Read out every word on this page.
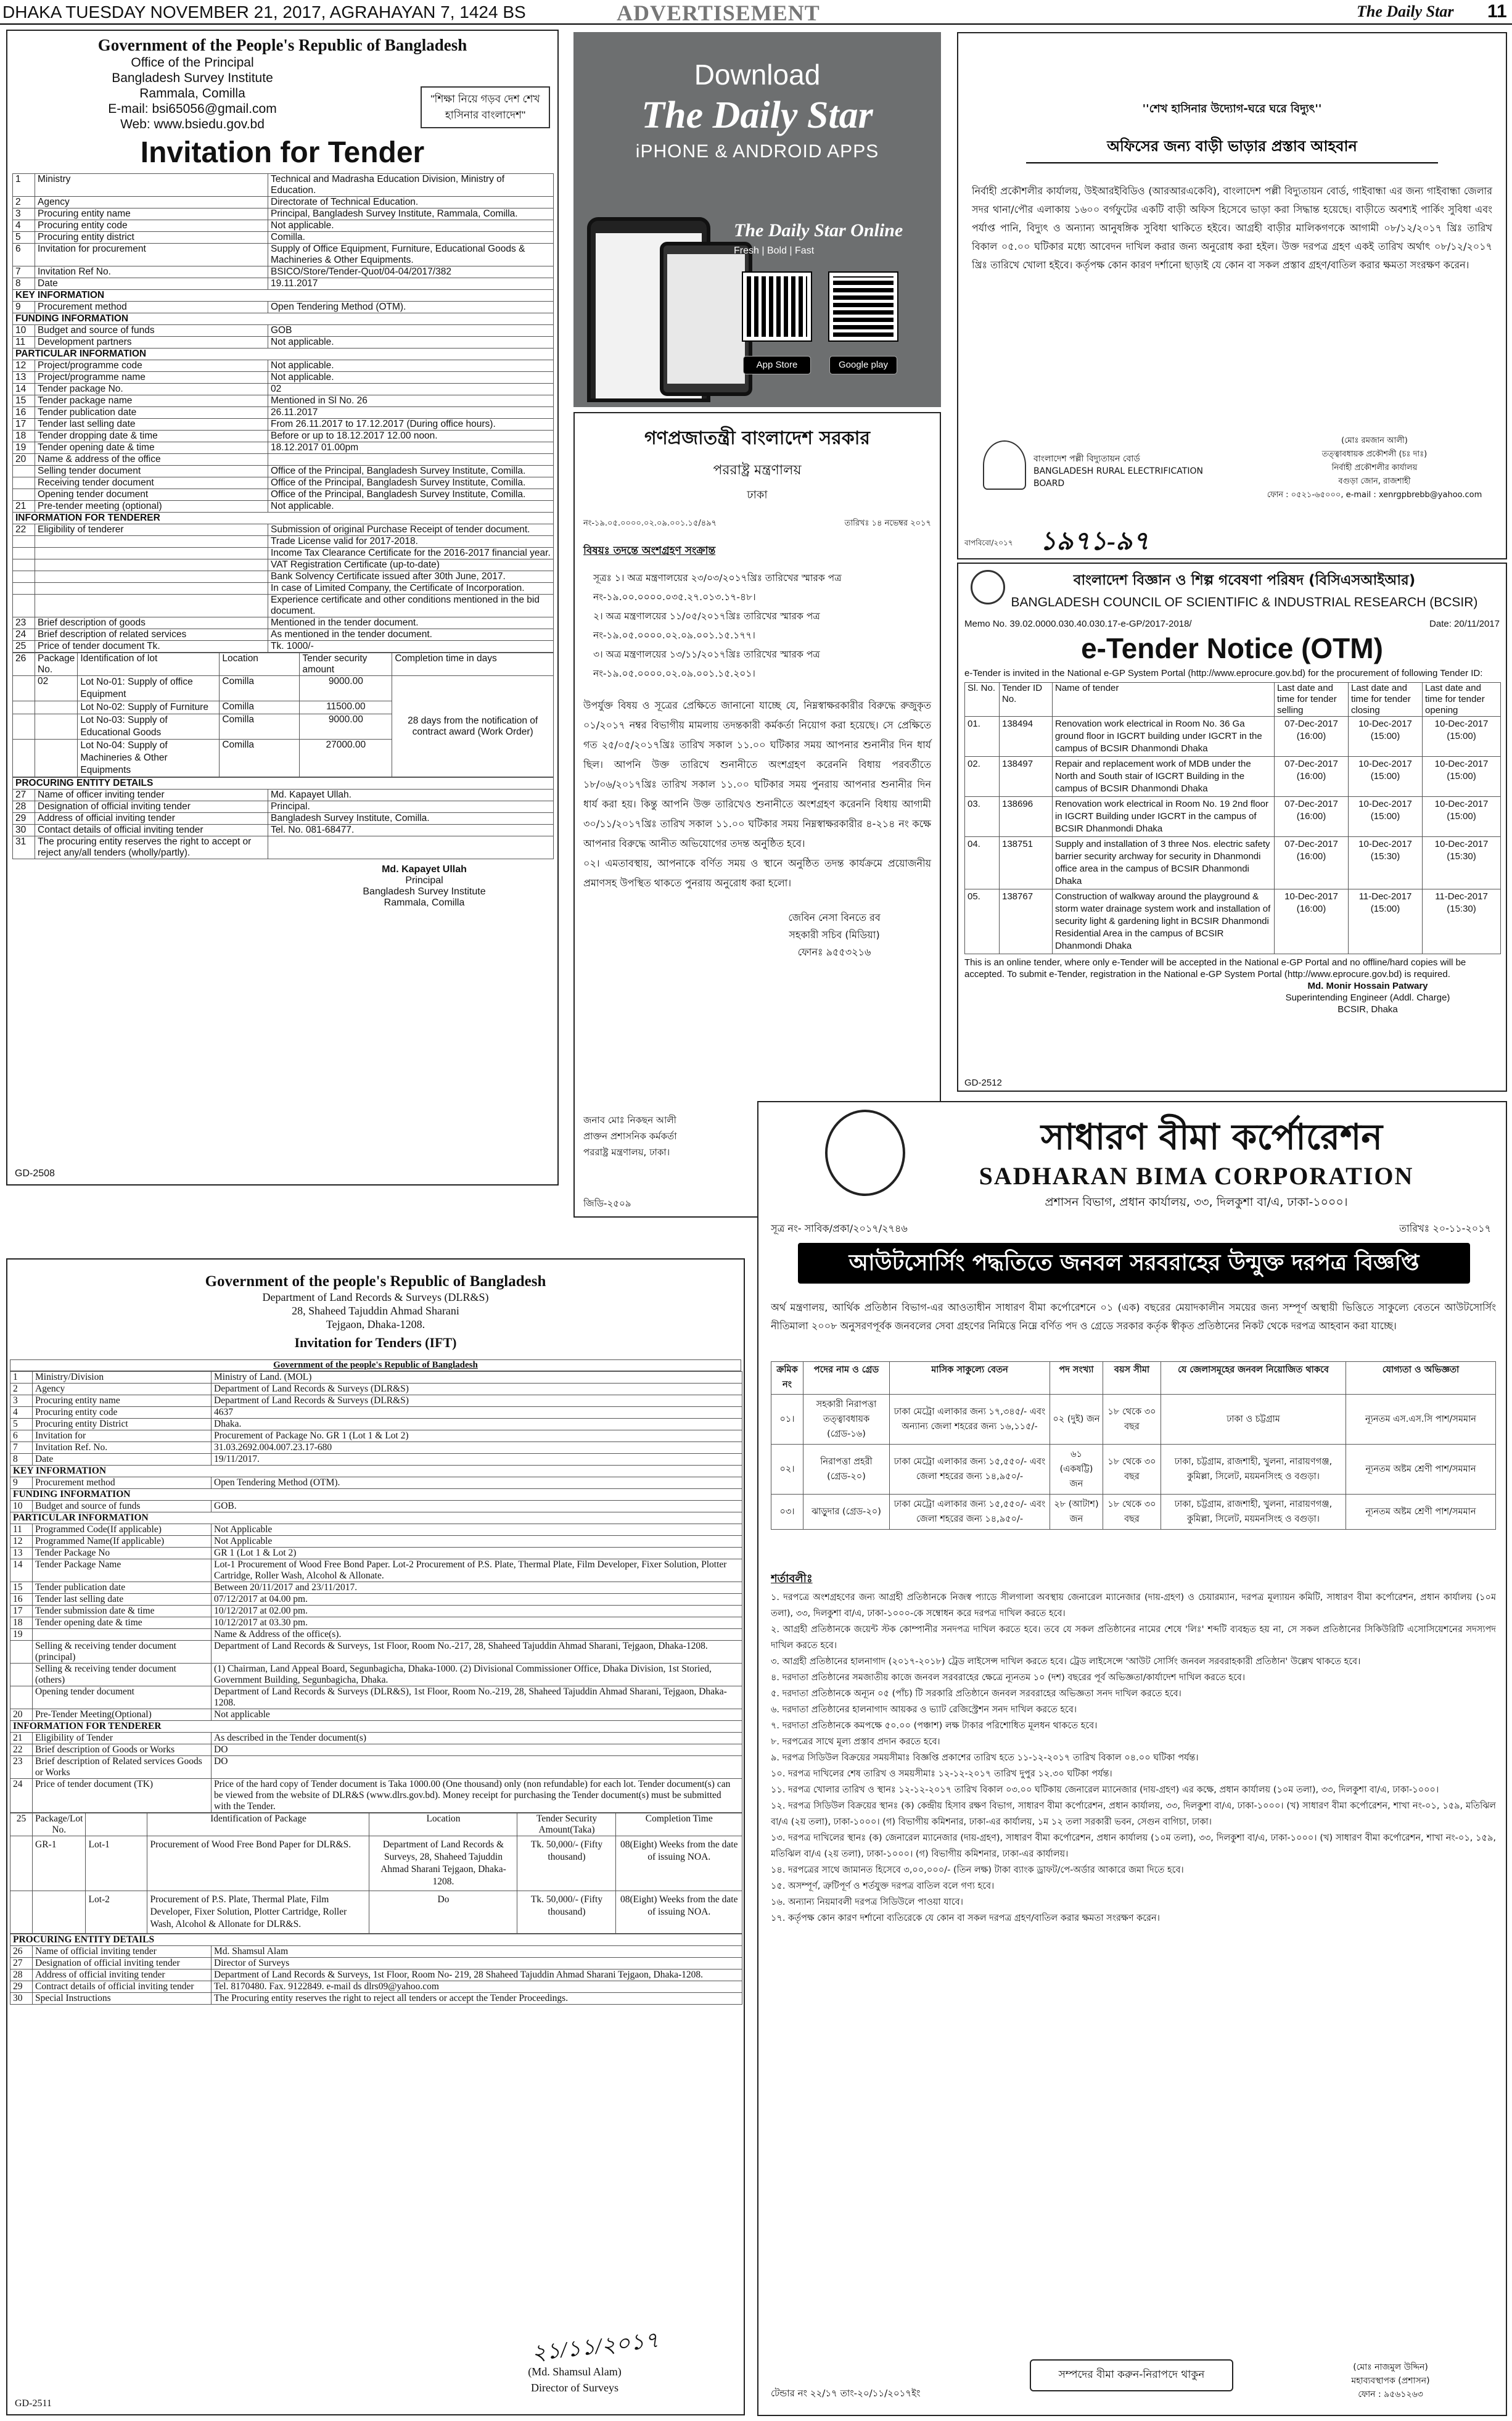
DHAKA TUESDAY NOVEMBER 21, 2017, AGRAHAYAN 7, 1424 BS	ADVERTISEMENT	The Daily Star	11
Government of the People's Republic of Bangladesh
Office of the Principal
Bangladesh Survey Institute
Rammala, Comilla
E-mail: bsi65056@gmail.com
Web: www.bsiedu.gov.bd
"শিক্ষা নিয়ে গড়ব দেশ শেখ হাসিনার বাংলাদেশ"
Invitation for Tender
1	Ministry	Technical and Madrasha Education Division, Ministry of Education.
2	Agency	Directorate of Technical Education.
3	Procuring entity name	Principal, Bangladesh Survey Institute, Rammala, Comilla.
4	Procuring entity code	Not applicable.
5	Procuring entity district	Comilla.
6	Invitation for procurement	Supply of Office Equipment, Furniture, Educational Goods & Machineries & Other Equipments.
7	Invitation Ref No.	BSICO/Store/Tender-Quot/04-04/2017/382
8	Date	19.11.2017
KEY INFORMATION		
9	Procurement method	Open Tendering Method (OTM).
FUNDING INFORMATION		
10	Budget and source of funds	GOB
11	Development partners	Not applicable.
PARTICULAR INFORMATION		
12	Project/programme code	Not applicable.
13	Project/programme name	Not applicable.
14	Tender package No.	02
15	Tender package name	Mentioned in Sl No. 26
16	Tender publication date	26.11.2017
17	Tender last selling date	From 26.11.2017 to 17.12.2017 (During office hours).
18	Tender dropping date & time	Before or up to 18.12.2017 12.00 noon.
19	Tender opening date & time	18.12.2017 01.00pm
20	Name & address of the office	
	Selling tender document	Office of the Principal, Bangladesh Survey Institute, Comilla.
	Receiving tender document	Office of the Principal, Bangladesh Survey Institute, Comilla.
	Opening tender document	Office of the Principal, Bangladesh Survey Institute, Comilla.
21	Pre-tender meeting (optional)	Not applicable.
INFORMATION FOR TENDERER		
22	Eligibility of tenderer	Submission of original Purchase Receipt of tender document.
		Trade License valid for 2017-2018.
		Income Tax Clearance Certificate for the 2016-2017 financial year.
		VAT Registration Certificate (up-to-date)
		Bank Solvency Certificate issued after 30th June, 2017.
		In case of Limited Company, the Certificate of Incorporation.
		Experience certificate and other conditions mentioned in the bid document.
23	Brief description of goods	Mentioned in the tender document.
24	Brief description of related services	As mentioned in the tender document.
25	Price of tender document Tk.	Tk. 1000/-
26	Package No.	Identification of lot	Location	Tender security amount	Completion time in days
	02	Lot No-01: Supply of office Equipment	Comilla	9000.00	28 days from the notification of contract award (Work Order)
		Lot No-02: Supply of Furniture	Comilla	11500.00	
		Lot No-03: Supply of Educational Goods	Comilla	9000.00	
		Lot No-04: Supply of Machineries & Other Equipments	Comilla	27000.00	
PROCURING ENTITY DETAILS		
27	Name of officer inviting tender	Md. Kapayet Ullah.
28	Designation of official inviting tender	Principal.
29	Address of official inviting tender	Bangladesh Survey Institute, Comilla.
30	Contact details of official inviting tender	Tel. No. 081-68477.
31	The procuring entity reserves the right to accept or reject any/all tenders (wholly/partly).	
Md. Kapayet Ullah
Principal
Bangladesh Survey Institute
Rammala, Comilla
GD-2508
Download
The Daily Star
iPHONE & ANDROID APPS
The Daily Star Online
Fresh | Bold | Fast
App Store	Google play
''শেখ হাসিনার উদ্যোগ-ঘরে ঘরে বিদ্যুৎ''
অফিসের জন্য বাড়ী ভাড়ার প্রস্তাব আহবান
নির্বাহী প্রকৌশলীর কার্যালয়, উইআরইবিডিও (আরআরএকেবি), বাংলাদেশ পল্লী বিদ্যুতায়ন বোর্ড, গাইবান্ধা এর জন্য গাইবান্ধা জেলার সদর থানা/পৌর এলাকায় ১৬০০ বর্গফুটের একটি বাড়ী অফিস হিসেবে ভাড়া করা সিদ্ধান্ত হয়েছে। বাড়ীতে অবশ্যই পার্কিং সুবিধা এবং পর্যাপ্ত পানি, বিদ্যুৎ ও অন্যান্য আনুষঙ্গিক সুবিধা থাকিতে হইবে। আগ্রহী বাড়ীর মালিকগণকে আগামী ০৮/১২/২০১৭ খ্রিঃ তারিখ বিকাল ০৫.০০ ঘটিকার মধ্যে আবেদন দাখিল করার জন্য অনুরোধ করা হইল। উক্ত দরপত্র গ্রহণ একই তারিখ অর্থাৎ ০৮/১২/২০১৭ খ্রিঃ তারিখে খোলা হইবে। কর্তৃপক্ষ কোন কারণ দর্শানো ছাড়াই যে কোন বা সকল প্রস্তাব গ্রহণ/বাতিল করার ক্ষমতা সংরক্ষণ করেন।
বাংলাদেশ পল্লী বিদ্যুতায়ন বোর্ড
BANGLADESH RURAL ELECTRIFICATION BOARD
(মোঃ রমজান আলী)
তত্ত্বাবধায়ক প্রকৌশলী (চঃ দাঃ)
নির্বাহী প্রকৌশলীর কার্যালয়
বগুড়া জোন, রাজশাহী
ফোন : ০৫২১-৬৫০০০, e-mail : xenrgpbrebb@yahoo.com
বাপবিবো/২০১৭ ১৯৭১-৯৭
গণপ্রজাতন্ত্রী বাংলাদেশ সরকার
পররাষ্ট্র মন্ত্রণালয়
ঢাকা
নং-১৯.০৫.০০০০.০২.০৯.০০১.১৫/৪৯৭	তারিখঃ ১৪ নভেম্বর ২০১৭
বিষয়ঃ তদন্তে অংশগ্রহণ সংক্রান্ত
সূত্রঃ ১। অত্র মন্ত্রণালয়ের ২৩/০৩/২০১৭খ্রিঃ তারিখের স্মারক পত্র নং-১৯.০০.০০০০.০৩৫.২৭.০১৩.১৭-৪৮।
২। অত্র মন্ত্রণালয়ের ১১/০৫/২০১৭খ্রিঃ তারিখের স্মারক পত্র নং-১৯.০৫.০০০০.০২.০৯.০০১.১৫.১৭৭।
৩। অত্র মন্ত্রণালয়ের ১৩/১১/২০১৭খ্রিঃ তারিখের স্মারক পত্র নং-১৯.০৫.০০০০.০২.০৯.০০১.১৫.২০১।
উপর্যুক্ত বিষয় ও সূত্রের প্রেক্ষিতে জানানো যাচ্ছে যে, নিম্নস্বাক্ষরকারীর বিরুদ্ধে রুজুকৃত ০১/২০১৭ নম্বর বিভাগীয় মামলায় তদন্তকারী কর্মকর্তা নিয়োগ করা হয়েছে। সে প্রেক্ষিতে গত ২৫/০৫/২০১৭খ্রিঃ তারিখ সকাল ১১.০০ ঘটিকার সময় আপনার শুনানীর দিন ধার্য ছিল। আপনি উক্ত তারিখে শুনানীতে অংশগ্রহণ করেননি বিধায় পরবর্তীতে ১৮/০৬/২০১৭খ্রিঃ তারিখ সকাল ১১.০০ ঘটিকার সময় পুনরায় আপনার শুনানীর দিন ধার্য করা হয়। কিন্তু আপনি উক্ত তারিখেও শুনানীতে অংশগ্রহণ করেননি বিধায় আগামী ৩০/১১/২০১৭খ্রিঃ তারিখ সকাল ১১.০০ ঘটিকার সময় নিম্নস্বাক্ষরকারীর ৪-২১৪ নং কক্ষে আপনার বিরুদ্ধে আনীত অভিযোগের তদন্ত অনুষ্ঠিত হবে।
০২। এমতাবস্থায়, আপনাকে বর্ণিত সময় ও স্থানে অনুষ্ঠিত তদন্ত কার্যক্রমে প্রয়োজনীয় প্রমাণসহ উপস্থিত থাকতে পুনরায় অনুরোধ করা হলো।
জেবিন নেসা বিনতে রব
সহকারী সচিব (মিডিয়া)
ফোনঃ ৯৫৫৩২১৬
জনাব মোঃ নিকছন আলী
প্রাক্তন প্রশাসনিক কর্মকর্তা
পররাষ্ট্র মন্ত্রণালয়, ঢাকা।
জিডি-২৫০৯
বাংলাদেশ বিজ্ঞান ও শিল্প গবেষণা পরিষদ (বিসিএসআইআর)
BANGLADESH COUNCIL OF SCIENTIFIC & INDUSTRIAL RESEARCH (BCSIR)
Memo No. 39.02.0000.030.40.030.17-e-GP/2017-2018/	Date: 20/11/2017
e-Tender Notice (OTM)
e-Tender is invited in the National e-GP System Portal (http://www.eprocure.gov.bd) for the procurement of following Tender ID:
Sl. No.	Tender ID No.	Name of tender	Last date and time for tender selling	Last date and time for tender closing	Last date and time for tender opening
01.	138494	Renovation work electrical in Room No. 36 Ga ground floor in IGCRT building under IGCRT in the campus of BCSIR Dhanmondi Dhaka	07-Dec-2017 (16:00)	10-Dec-2017 (15:00)	10-Dec-2017 (15:00)
02.	138497	Repair and replacement work of MDB under the North and South stair of IGCRT Building in the campus of BCSIR Dhanmondi Dhaka	07-Dec-2017 (16:00)	10-Dec-2017 (15:00)	10-Dec-2017 (15:00)
03.	138696	Renovation work electrical in Room No. 19 2nd floor in IGCRT Building under IGCRT in the campus of BCSIR Dhanmondi Dhaka	07-Dec-2017 (16:00)	10-Dec-2017 (15:00)	10-Dec-2017 (15:00)
04.	138751	Supply and installation of 3 three Nos. electric safety barrier security archway for security in Dhanmondi office area in the campus of BCSIR Dhanmondi Dhaka	07-Dec-2017 (16:00)	10-Dec-2017 (15:30)	10-Dec-2017 (15:30)
05.	138767	Construction of walkway around the playground & storm water drainage system work and installation of security light & gardening light in BCSIR Dhanmondi Residential Area in the campus of BCSIR Dhanmondi Dhaka	10-Dec-2017 (16:00)	11-Dec-2017 (15:00)	11-Dec-2017 (15:30)
This is an online tender, where only e-Tender will be accepted in the National e-GP Portal and no offline/hard copies will be accepted. To submit e-Tender, registration in the National e-GP System Portal (http://www.eprocure.gov.bd) is required.
Md. Monir Hossain Patwary
Superintending Engineer (Addl. Charge)
BCSIR, Dhaka
GD-2512
Government of the people's Republic of Bangladesh
Department of Land Records & Surveys (DLR&S)
28, Shaheed Tajuddin Ahmad Sharani
Tejgaon, Dhaka-1208.
Invitation for Tenders (IFT)
Government of the people's Republic of Bangladesh
1	Ministry/Division	Ministry of Land. (MOL)
2	Agency	Department of Land Records & Surveys (DLR&S)
3	Procuring entity name	Department of Land Records & Surveys (DLR&S)
4	Procuring entity code	4637
5	Procuring entity District	Dhaka.
6	Invitation for	Procurement of Package No. GR 1 (Lot 1 & Lot 2)
7	Invitation Ref. No.	31.03.2692.004.007.23.17-680
8	Date	19/11/2017.
KEY INFORMATION		
9	Procurement method	Open Tendering Method (OTM).
FUNDING INFORMATION		
10	Budget and source of funds	GOB.
PARTICULAR INFORMATION		
11	Programmed Code(If applicable)	Not Applicable
12	Programmed Name(If applicable)	Not Applicable
13	Tender Package No	GR 1 (Lot 1 & Lot 2)
14	Tender Package Name	Lot-1 Procurement of Wood Free Bond Paper. Lot-2 Procurement of P.S. Plate, Thermal Plate, Film Developer, Fixer Solution, Plotter Cartridge, Roller Wash, Alcohol & Allonate.
15	Tender publication date	Between 20/11/2017 and 23/11/2017.
16	Tender last selling date	07/12/2017 at 04.00 pm.
17	Tender submission date & time	10/12/2017 at 02.00 pm.
18	Tender opening date & time	10/12/2017 at 03.30 pm.
19		Name & Address of the office(s).
	Selling & receiving tender document (principal)	Department of Land Records & Surveys, 1st Floor, Room No.-217, 28, Shaheed Tajuddin Ahmad Sharani, Tejgaon, Dhaka-1208.
	Selling & receiving tender document (others)	(1) Chairman, Land Appeal Board, Segunbagicha, Dhaka-1000. (2) Divisional Commissioner Office, Dhaka Division, 1st Storied, Government Building, Segunbagicha, Dhaka.
	Opening tender document	Department of Land Records & Surveys (DLR&S), 1st Floor, Room No.-219, 28, Shaheed Tajuddin Ahmad Sharani, Tejgaon, Dhaka-1208.
20	Pre-Tender Meeting(Optional)	Not applicable
INFORMATION FOR TENDERER		
21	Eligibility of Tender	As described in the Tender document(s)
22	Brief description of Goods or Works	DO
23	Brief description of Related services Goods or Works	DO
24	Price of tender document (TK)	Price of the hard copy of Tender document is Taka 1000.00 (One thousand) only (non refundable) for each lot. Tender document(s) can be viewed from the website of DLR&S (www.dlrs.gov.bd). Money receipt for purchasing the Tender document(s) must be submitted with the Tender.
25	Package/Lot No.		Identification of Package	Location	Tender Security Amount(Taka)	Completion Time
	GR-1	Lot-1	Procurement of Wood Free Bond Paper for DLR&S.	Department of Land Records & Surveys, 28, Shaheed Tajuddin Ahmad Sharani Tejgaon, Dhaka-1208.	Tk. 50,000/- (Fifty thousand)	08(Eight) Weeks from the date of issuing NOA.
		Lot-2	Procurement of P.S. Plate, Thermal Plate, Film Developer, Fixer Solution, Plotter Cartridge, Roller Wash, Alcohol & Allonate for DLR&S.	Do	Tk. 50,000/- (Fifty thousand)	08(Eight) Weeks from the date of issuing NOA.
PROCURING ENTITY DETAILS		
26	Name of official inviting tender	Md. Shamsul Alam
27	Designation of official inviting tender	Director of Surveys
28	Address of official inviting tender	Department of Land Records & Surveys, 1st Floor, Room No- 219, 28 Shaheed Tajuddin Ahmad Sharani Tejgaon, Dhaka-1208.
29	Contract details of official inviting tender	Tel. 8170480. Fax. 9122849. e-mail ds dlrs09@yahoo.com
30	Special Instructions	The Procuring entity reserves the right to reject all tenders or accept the Tender Proceedings.
২১/১১/২০১৭
(Md. Shamsul Alam)
Director of Surveys
GD-2511
সাধারণ বীমা কর্পোরেশন
SADHARAN BIMA CORPORATION
প্রশাসন বিভাগ, প্রধান কার্যালয়, ৩৩, দিলকুশা বা/এ, ঢাকা-১০০০।
সূত্র নং- সাবিক/প্রকা/২০১৭/২৭৪৬	তারিখঃ ২০-১১-২০১৭
আউটসোর্সিং পদ্ধতিতে জনবল সরবরাহের উন্মুক্ত দরপত্র বিজ্ঞপ্তি
অর্থ মন্ত্রণালয়, আর্থিক প্রতিষ্ঠান বিভাগ-এর আওতাধীন সাধারণ বীমা কর্পোরেশনে ০১ (এক) বছরের মেয়াদকালীন সময়ের জন্য সম্পূর্ণ অস্থায়ী ভিত্তিতে সাকুল্যে বেতনে আউটসোর্সিং নীতিমালা ২০০৮ অনুসরণপূর্বক জনবলের সেবা গ্রহণের নিমিত্তে নিম্নে বর্ণিত পদ ও গ্রেডে সরকার কর্তৃক স্বীকৃত প্রতিষ্ঠানের নিকট থেকে দরপত্র আহবান করা যাচ্ছে।
ক্রমিক নং	পদের নাম ও গ্রেড	মাসিক সাকুল্যে বেতন	পদ সংখ্যা	বয়স সীমা	যে জেলাসমূহের জনবল নিয়োজিত থাকবে	যোগ্যতা ও অভিজ্ঞতা
০১।	সহকারী নিরাপত্তা তত্ত্বাবধায়ক (গ্রেড-১৬)	ঢাকা মেট্রো এলাকার জন্য ১৭,৩৪৫/- এবং অন্যান্য জেলা শহরের জন্য ১৬,১১৫/-	০২ (দুই) জন	১৮ থেকে ৩০ বছর	ঢাকা ও চট্টগ্রাম	ন্যূনতম এস.এস.সি পাশ/সমমান
০২।	নিরাপত্তা প্রহরী (গ্রেড-২০)	ঢাকা মেট্রো এলাকার জন্য ১৫,৫৫০/- এবং জেলা শহরের জন্য ১৪,৯৫০/-	৬১ (একষট্টি) জন	১৮ থেকে ৩০ বছর	ঢাকা, চট্টগ্রাম, রাজশাহী, খুলনা, নারায়ণগঞ্জ, কুমিল্লা, সিলেট, ময়মনসিংহ ও বগুড়া।	ন্যূনতম অষ্টম শ্রেণী পাশ/সমমান
০৩।	ঝাড়ুদার (গ্রেড-২০)	ঢাকা মেট্রো এলাকার জন্য ১৫,৫৫০/- এবং জেলা শহরের জন্য ১৪,৯৫০/-	২৮ (আটাশ) জন	১৮ থেকে ৩০ বছর	ঢাকা, চট্টগ্রাম, রাজশাহী, খুলনা, নারায়ণগঞ্জ, কুমিল্লা, সিলেট, ময়মনসিংহ ও বগুড়া।	ন্যূনতম অষ্টম শ্রেণী পাশ/সমমান
শর্তাবলীঃ
১. দরপত্রে অংশগ্রহণের জন্য আগ্রহী প্রতিষ্ঠানকে নিজস্ব প্যাডে সীলগালা অবস্থায় জেনারেল ম্যানেজার (দায়-গ্রহণ) ও চেয়ারম্যান, দরপত্র মূল্যায়ন কমিটি, সাধারণ বীমা কর্পোরেশন, প্রধান কার্যালয় (১০ম তলা), ৩৩, দিলকুশা বা/এ, ঢাকা-১০০০-কে সম্বোধন করে দরপত্র দাখিল করতে হবে।
২. আগ্রহী প্রতিষ্ঠানকে জয়েন্ট স্টক কোম্পানীর সনদপত্র দাখিল করতে হবে। তবে যে সকল প্রতিষ্ঠানের নামের শেষে 'লিঃ' শব্দটি ব্যবহৃত হয় না, সে সকল প্রতিষ্ঠানের সিকিউরিটি এসোসিয়েশনের সদস্যপদ দাখিল করতে হবে।
৩. আগ্রহী প্রতিষ্ঠানের হালনাগাদ (২০১৭-২০১৮) ট্রেড লাইসেন্স দাখিল করতে হবে। ট্রেড লাইসেন্সে 'আউট সোর্সিং জনবল সরবরাহকারী প্রতিষ্ঠান' উল্লেখ থাকতে হবে।
৪. দরদাতা প্রতিষ্ঠানের সমজাতীয় কাজে জনবল সরবরাহের ক্ষেত্রে ন্যূনতম ১০ (দশ) বছরের পূর্ব অভিজ্ঞতা/কার্যাদেশ দাখিল করতে হবে।
৫. দরদাতা প্রতিষ্ঠানকে অন্যূন ০৫ (পাঁচ) টি সরকারি প্রতিষ্ঠানে জনবল সরবরাহের অভিজ্ঞতা সনদ দাখিল করতে হবে।
৬. দরদাতা প্রতিষ্ঠানের হালনাগাদ আয়কর ও ভ্যাট রেজিস্ট্রেশন সনদ দাখিল করতে হবে।
৭. দরদাতা প্রতিষ্ঠানকে কমপক্ষে ৫০.০০ (পঞ্চাশ) লক্ষ টাকার পরিশোধিত মূলধন থাকতে হবে।
৮. দরপত্রের সাথে মূল্য প্রস্তাব প্রদান করতে হবে।
৯. দরপত্র সিডিউল বিক্রয়ের সময়সীমাঃ বিজ্ঞপ্তি প্রকাশের তারিখ হতে ১১-১২-২০১৭ তারিখ বিকাল ০৪.০০ ঘটিকা পর্যন্ত।
১০. দরপত্র দাখিলের শেষ তারিখ ও সময়সীমাঃ ১২-১২-২০১৭ তারিখ দুপুর ১২.৩০ ঘটিকা পর্যন্ত।
১১. দরপত্র খোলার তারিখ ও স্থানঃ ১২-১২-২০১৭ তারিখ বিকাল ০৩.০০ ঘটিকায় জেনারেল ম্যানেজার (দায়-গ্রহণ) এর কক্ষে, প্রধান কার্যালয় (১০ম তলা), ৩৩, দিলকুশা বা/এ, ঢাকা-১০০০।
১২. দরপত্র সিডিউল বিক্রয়ের স্থানঃ (ক) কেন্দ্রীয় হিসাব রক্ষণ বিভাগ, সাধারণ বীমা কর্পোরেশন, প্রধান কার্যালয়, ৩৩, দিলকুশা বা/এ, ঢাকা-১০০০। (খ) সাধারণ বীমা কর্পোরেশন, শাখা নং-০১, ১৫৯, মতিঝিল বা/এ (২য় তলা), ঢাকা-১০০০। (গ) বিভাগীয় কমিশনার, ঢাকা-এর কার্যালয়, ১ম ১২ তলা সরকারী ভবন, সেগুন বাগিচা, ঢাকা।
১৩. দরপত্র দাখিলের স্থানঃ (ক) জেনারেল ম্যানেজার (দায়-গ্রহণ), সাধারণ বীমা কর্পোরেশন, প্রধান কার্যালয় (১০ম তলা), ৩৩, দিলকুশা বা/এ, ঢাকা-১০০০। (খ) সাধারণ বীমা কর্পোরেশন, শাখা নং-০১, ১৫৯, মতিঝিল বা/এ (২য় তলা), ঢাকা-১০০০। (গ) বিভাগীয় কমিশনার, ঢাকা-এর কার্যালয়।
১৪. দরপত্রের সাথে জামানত হিসেবে ৩,০০,০০০/- (তিন লক্ষ) টাকা ব্যাংক ড্রাফট/পে-অর্ডার আকারে জমা দিতে হবে।
১৫. অসম্পূর্ণ, ত্রুটিপূর্ণ ও শর্তযুক্ত দরপত্র বাতিল বলে গণ্য হবে।
১৬. অন্যান্য নিয়মাবলী দরপত্র সিডিউলে পাওয়া যাবে।
১৭. কর্তৃপক্ষ কোন কারণ দর্শানো ব্যতিরেকে যে কোন বা সকল দরপত্র গ্রহণ/বাতিল করার ক্ষমতা সংরক্ষণ করেন।
টেন্ডার নং ২২/১৭ তাং-২০/১১/২০১৭ইং
সম্পদের বীমা করুন-নিরাপদে থাকুন
(মোঃ নাজমুল উদ্দিন)
মহাব্যবস্থাপক (প্রশাসন)
ফোন : ৯৫৬১২৬৩
